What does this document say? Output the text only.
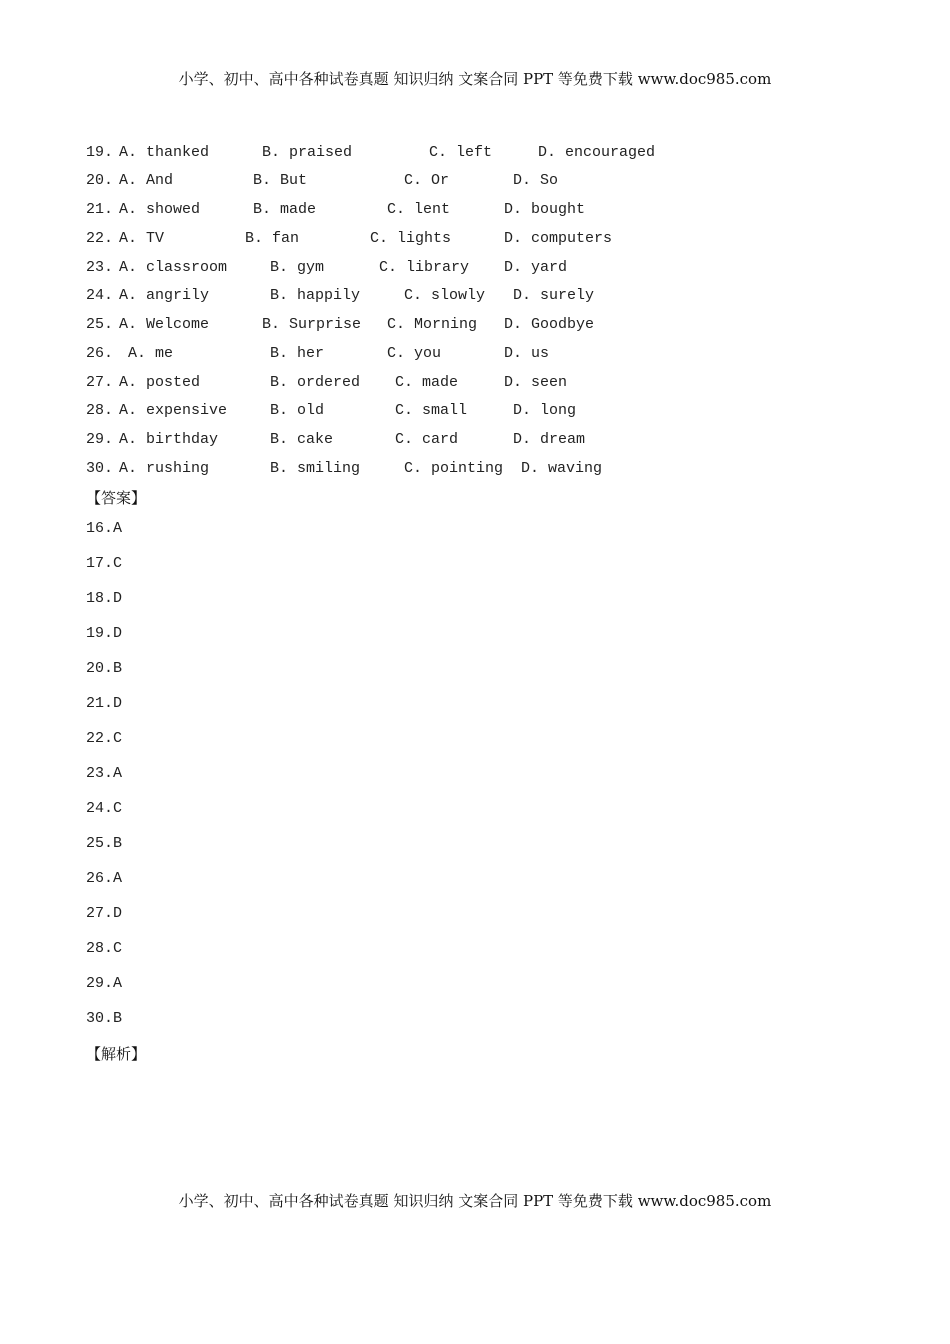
小学、初中、高中各种试卷真题 知识归纳 文案合同 PPT 等免费下载 www.doc985.com
19. A. thanked	B. praised	C. left	D. encouraged
20. A. And	B. But	C. Or	D. So
21. A. showed	B. made	C. lent	D. bought
22. A. TV	B. fan	C. lights	D. computers
23. A. classroom	B. gym	C. library D. yard
24. A. angrily	B. happily	C. slowly D. surely
25. A. Welcome	B. Surprise C. Morning D. Goodbye
26. A. me	B. her	C. you	D. us
27. A. posted	B. ordered C. made	D. seen
28. A. expensive	B. old	C. small	D. long
29. A. birthday	B. cake	C. card	D. dream
30. A. rushing	B. smiling	C. pointing D. waving
【答案】
16.A
17.C
18.D
19.D
20.B
21.D
22.C
23.A
24.C
25.B
26.A
27.D
28.C
29.A
30.B
【解析】
小学、初中、高中各种试卷真题 知识归纳 文案合同 PPT 等免费下载 www.doc985.com
